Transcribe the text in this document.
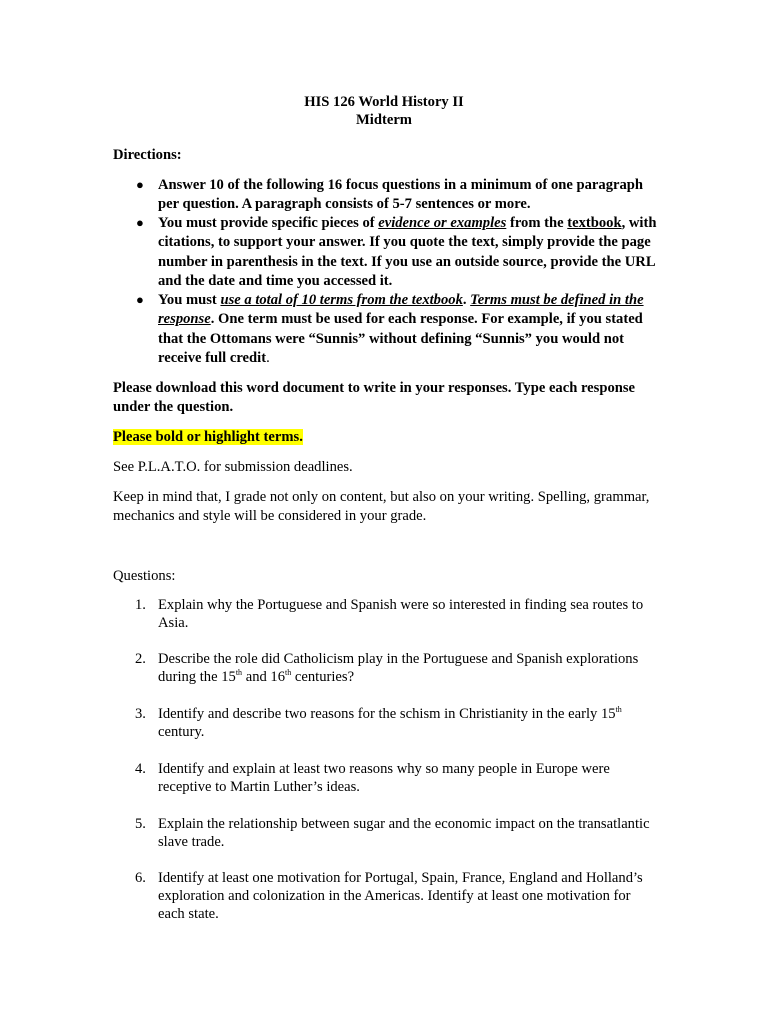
HIS 126 World History II
Midterm
Directions:
● Answer 10 of the following 16 focus questions in a minimum of one paragraph per question. A paragraph consists of 5-7 sentences or more.
● You must provide specific pieces of evidence or examples from the textbook, with citations, to support your answer. If you quote the text, simply provide the page number in parenthesis in the text. If you use an outside source, provide the URL and the date and time you accessed it.
● You must use a total of 10 terms from the textbook. Terms must be defined in the response. One term must be used for each response. For example, if you stated that the Ottomans were “Sunnis” without defining “Sunnis” you would not receive full credit.
Please download this word document to write in your responses. Type each response under the question.
Please bold or highlight terms.
See P.L.A.T.O. for submission deadlines.
Keep in mind that, I grade not only on content, but also on your writing. Spelling, grammar, mechanics and style will be considered in your grade.
Questions:
1. Explain why the Portuguese and Spanish were so interested in finding sea routes to Asia.
2. Describe the role did Catholicism play in the Portuguese and Spanish explorations during the 15th and 16th centuries?
3. Identify and describe two reasons for the schism in Christianity in the early 15th century.
4. Identify and explain at least two reasons why so many people in Europe were receptive to Martin Luther’s ideas.
5. Explain the relationship between sugar and the economic impact on the transatlantic slave trade.
6. Identify at least one motivation for Portugal, Spain, France, England and Holland’s exploration and colonization in the Americas. Identify at least one motivation for each state.
